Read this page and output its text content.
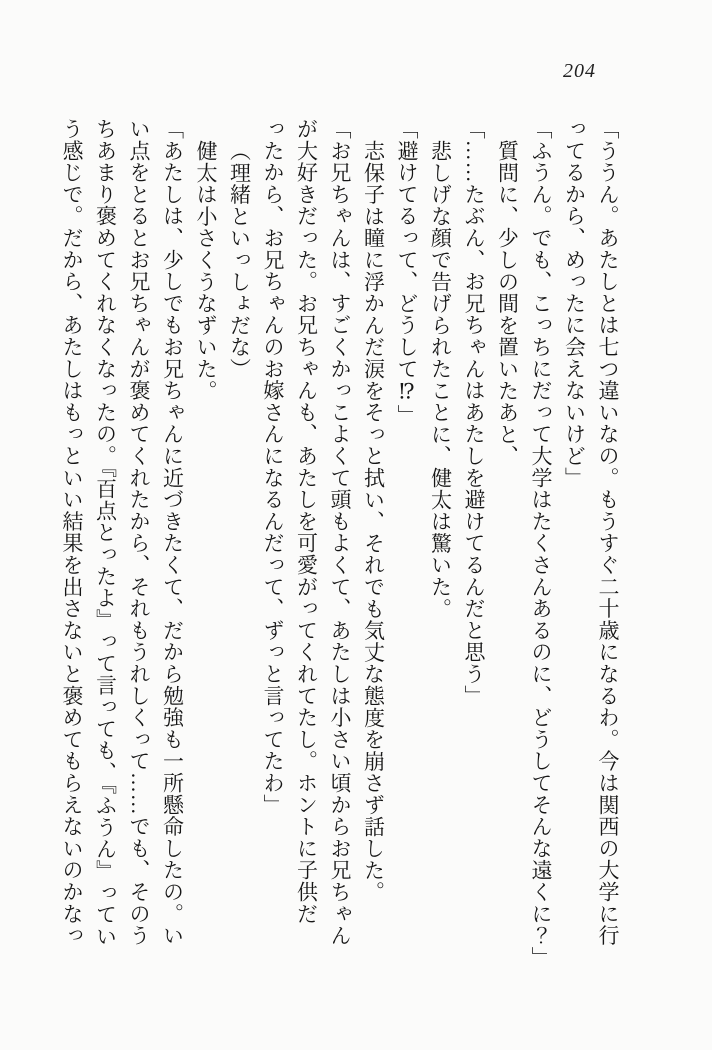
204
「ううん。あたしとは七つ違いなの。もうすぐ二十歳になるわ。今は関西の大学に行
ってるから、めったに会えないけど」
「ふうん。でも、こっちにだって大学はたくさんあるのに、どうしてそんな遠くに？」
質問に、少しの間を置いたあと、
「……たぶん、お兄ちゃんはあたしを避けてるんだと思う」
悲しげな顔で告げられたことに、健太は驚いた。
「避けてるって、どうして⁉」
志保子は瞳に浮かんだ涙をそっと拭い、それでも気丈な態度を崩さず話した。
「お兄ちゃんは、すごくかっこよくて頭もよくて、あたしは小さい頃からお兄ちゃん
が大好きだった。お兄ちゃんも、あたしを可愛がってくれてたし。ホントに子供だ
ったから、お兄ちゃんのお嫁さんになるんだって、ずっと言ってたわ」
（理緒といっしょだな）
健太は小さくうなずいた。
「あたしは、少しでもお兄ちゃんに近づきたくて、だから勉強も一所懸命したの。い
い点をとるとお兄ちゃんが褒めてくれたから、それもうれしくって……でも、そのう
ちあまり褒めてくれなくなったの。『百点とったよ』って言っても、『ふうん』ってい
う感じで。だから、あたしはもっといい結果を出さないと褒めてもらえないのかなっ
